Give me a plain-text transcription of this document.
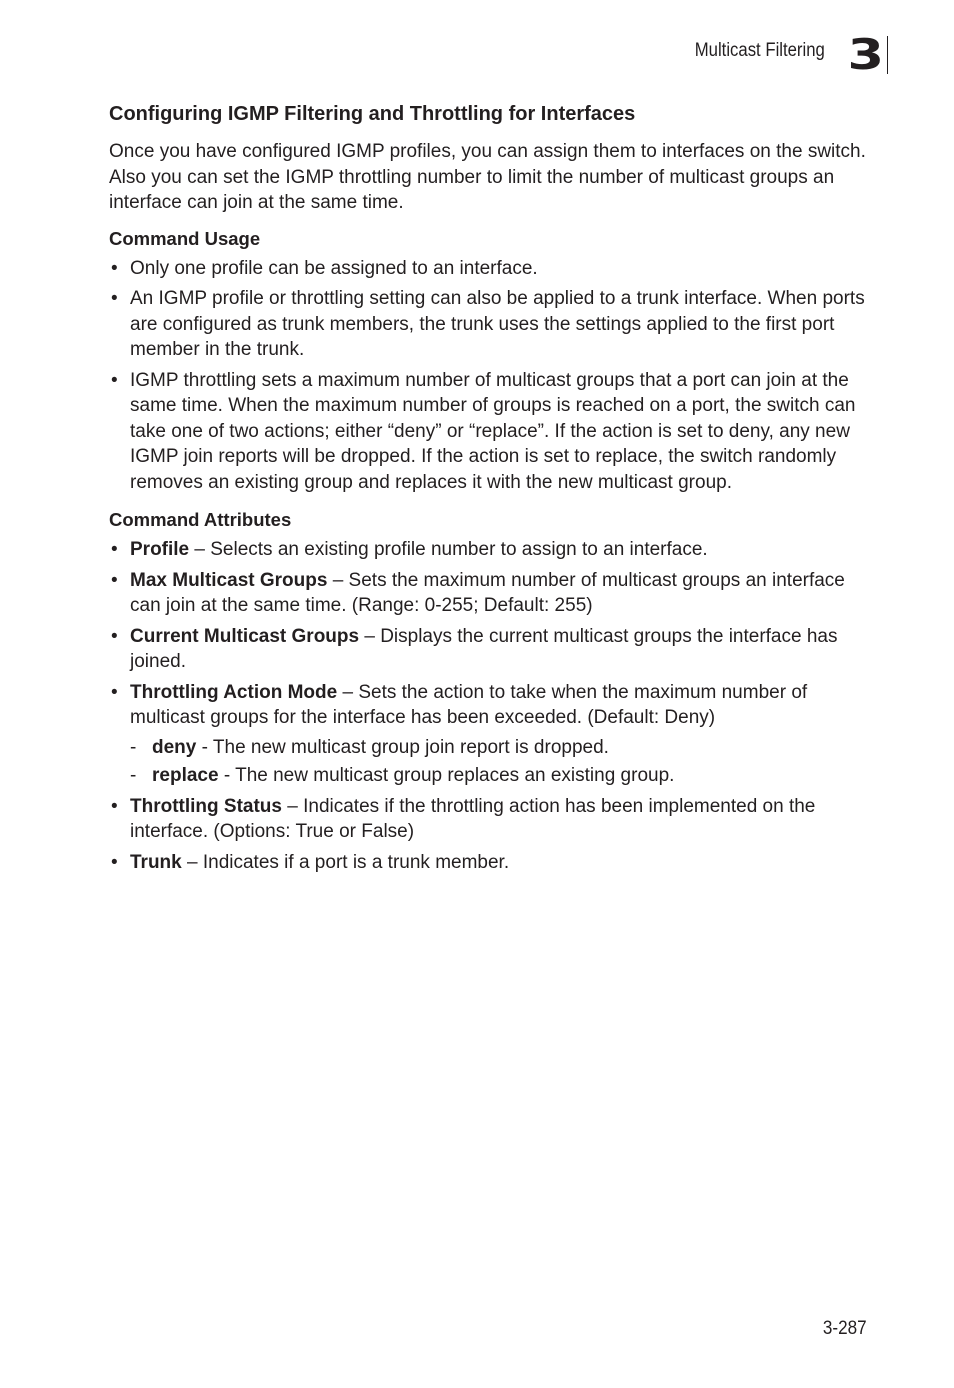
Multicast Filtering 3
Configuring IGMP Filtering and Throttling for Interfaces

Once you have configured IGMP profiles, you can assign them to interfaces on the switch. Also you can set the IGMP throttling number to limit the number of multicast groups an interface can join at the same time.

Command Usage
• Only one profile can be assigned to an interface.
• An IGMP profile or throttling setting can also be applied to a trunk interface. When ports are configured as trunk members, the trunk uses the settings applied to the first port member in the trunk.
• IGMP throttling sets a maximum number of multicast groups that a port can join at the same time. When the maximum number of groups is reached on a port, the switch can take one of two actions; either “deny” or “replace”. If the action is set to deny, any new IGMP join reports will be dropped. If the action is set to replace, the switch randomly removes an existing group and replaces it with the new multicast group.
Command Attributes
• Profile – Selects an existing profile number to assign to an interface.
• Max Multicast Groups – Sets the maximum number of multicast groups an interface can join at the same time. (Range: 0-255; Default: 255)
• Current Multicast Groups – Displays the current multicast groups the interface has joined.
• Throttling Action Mode – Sets the action to take when the maximum number of multicast groups for the interface has been exceeded. (Default: Deny)
- deny - The new multicast group join report is dropped.
- replace - The new multicast group replaces an existing group.
• Throttling Status – Indicates if the throttling action has been implemented on the interface. (Options: True or False)
• Trunk – Indicates if a port is a trunk member.
3-287
